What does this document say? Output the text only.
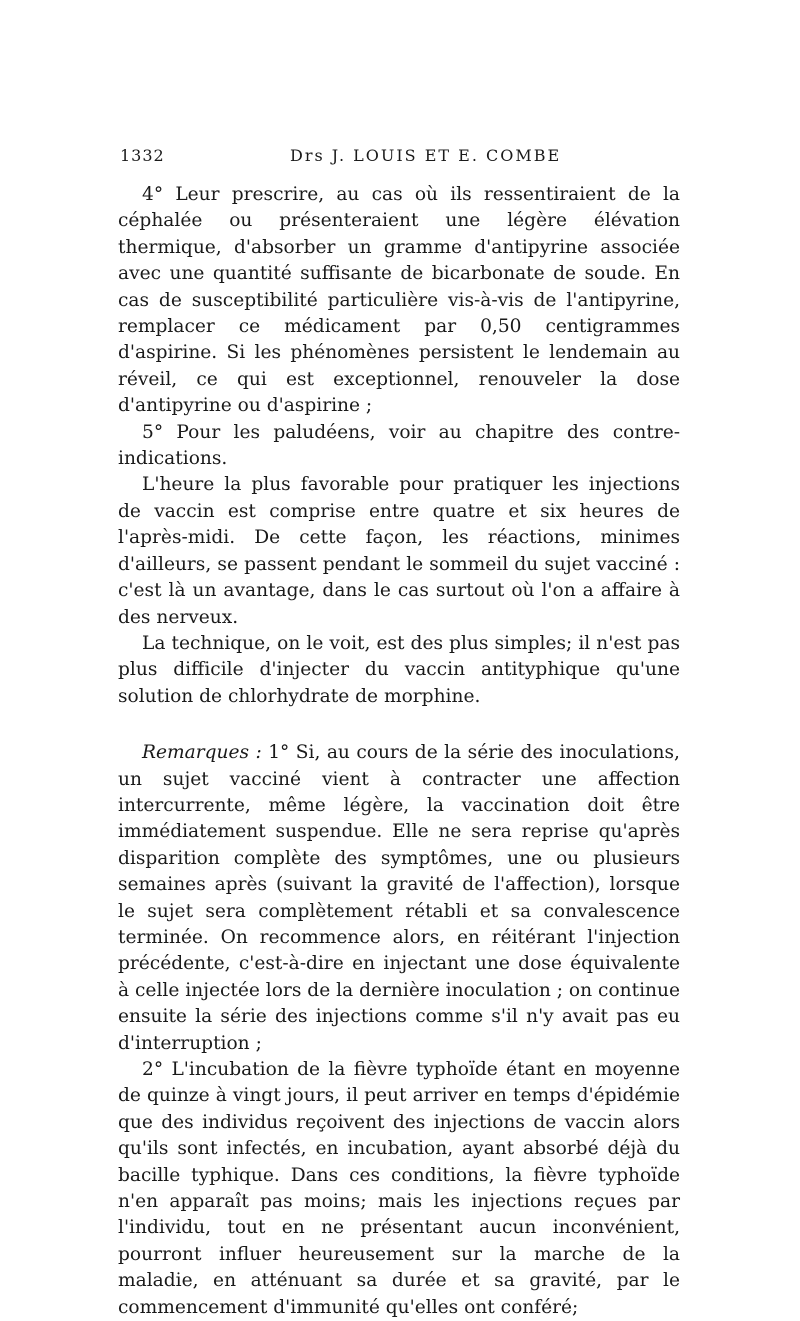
1332	Drs J. LOUIS ET E. COMBE

4° Leur prescrire, au cas où ils ressentiraient de la céphalée ou présenteraient une légère élévation thermique, d'absorber un gramme d'antipyrine associée avec une quantité suffisante de bicarbonate de soude. En cas de susceptibilité particulière vis-à-vis de l'antipyrine, remplacer ce médicament par 0,50 centigrammes d'aspirine. Si les phénomènes persistent le lendemain au réveil, ce qui est exceptionnel, renouveler la dose d'antipyrine ou d'aspirine ;

5° Pour les paludéens, voir au chapitre des contre-indications.

L'heure la plus favorable pour pratiquer les injections de vaccin est comprise entre quatre et six heures de l'après-midi. De cette façon, les réactions, minimes d'ailleurs, se passent pendant le sommeil du sujet vacciné : c'est là un avantage, dans le cas surtout où l'on a affaire à des nerveux.

La technique, on le voit, est des plus simples; il n'est pas plus difficile d'injecter du vaccin antityphique qu'une solution de chlorhydrate de morphine.

Remarques : 1° Si, au cours de la série des inoculations, un sujet vacciné vient à contracter une affection intercurrente, même légère, la vaccination doit être immédiatement suspendue. Elle ne sera reprise qu'après disparition complète des symptômes, une ou plusieurs semaines après (suivant la gravité de l'affection), lorsque le sujet sera complètement rétabli et sa convalescence terminée. On recommence alors, en réitérant l'injection précédente, c'est-à-dire en injectant une dose équivalente à celle injectée lors de la dernière inoculation ; on continue ensuite la série des injections comme s'il n'y avait pas eu d'interruption ;

2° L'incubation de la fièvre typhoïde étant en moyenne de quinze à vingt jours, il peut arriver en temps d'épidémie que des individus reçoivent des injections de vaccin alors qu'ils sont infectés, en incubation, ayant absorbé déjà du bacille typhique. Dans ces conditions, la fièvre typhoïde n'en apparaît pas moins; mais les injections reçues par l'individu, tout en ne présentant aucun inconvénient, pourront influer heureusement sur la marche de la maladie, en atténuant sa durée et sa gravité, par le commencement d'immunité qu'elles ont conféré;
